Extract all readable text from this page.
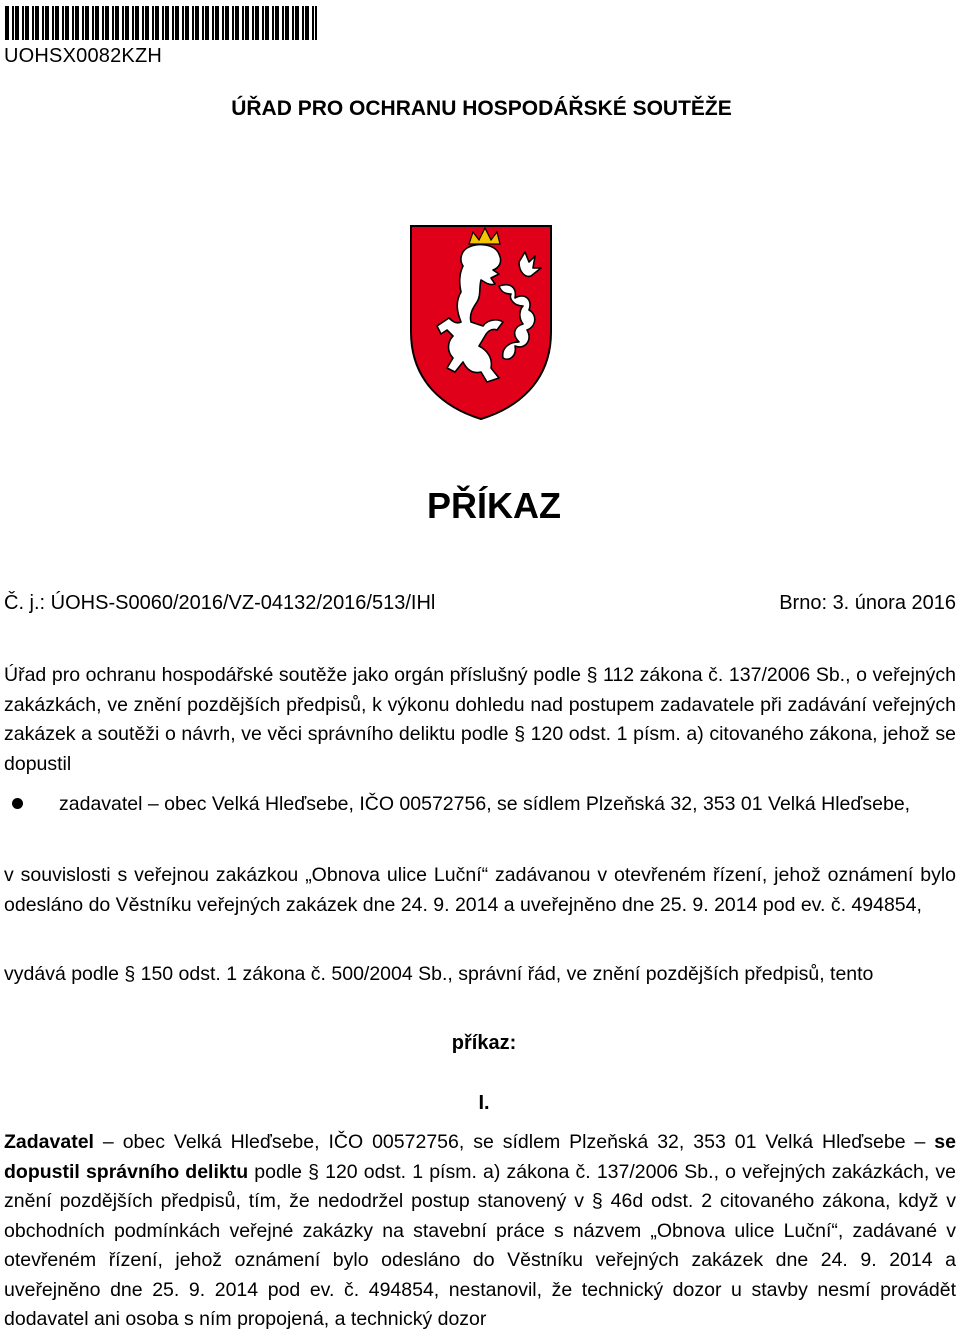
UOHSX0082KZH
ÚŘAD PRO OCHRANU HOSPODÁŘSKÉ SOUTĚŽE
PŘÍKAZ
Č. j.: ÚOHS-S0060/2016/VZ-04132/2016/513/IHl	Brno: 3. února 2016
Úřad pro ochranu hospodářské soutěže jako orgán příslušný podle § 112 zákona č. 137/2006 Sb., o veřejných zakázkách, ve znění pozdějších předpisů, k výkonu dohledu nad postupem zadavatele při zadávání veřejných zakázek a soutěži o návrh, ve věci správního deliktu podle § 120 odst. 1 písm. a) citovaného zákona, jehož se dopustil
zadavatel – obec Velká Hleďsebe, IČO 00572756, se sídlem Plzeňská 32, 353 01 Velká Hleďsebe,
v souvislosti s veřejnou zakázkou „Obnova ulice Luční“ zadávanou v otevřeném řízení, jehož oznámení bylo odesláno do Věstníku veřejných zakázek dne 24. 9. 2014 a uveřejněno dne 25. 9. 2014 pod ev. č. 494854,
vydává podle § 150 odst. 1 zákona č. 500/2004 Sb., správní řád, ve znění pozdějších předpisů, tento
příkaz:
I.
Zadavatel – obec Velká Hleďsebe, IČO 00572756, se sídlem Plzeňská 32, 353 01 Velká Hleďsebe – se dopustil správního deliktu podle § 120 odst. 1 písm. a) zákona č. 137/2006 Sb., o veřejných zakázkách, ve znění pozdějších předpisů, tím, že nedodržel postup stanovený v § 46d odst. 2 citovaného zákona, když v obchodních podmínkách veřejné zakázky na stavební práce s názvem „Obnova ulice Luční“, zadávané v otevřeném řízení, jehož oznámení bylo odesláno do Věstníku veřejných zakázek dne 24. 9. 2014 a uveřejněno dne 25. 9. 2014 pod ev. č. 494854, nestanovil, že technický dozor u stavby nesmí provádět dodavatel ani osoba s ním propojená, a technický dozor
